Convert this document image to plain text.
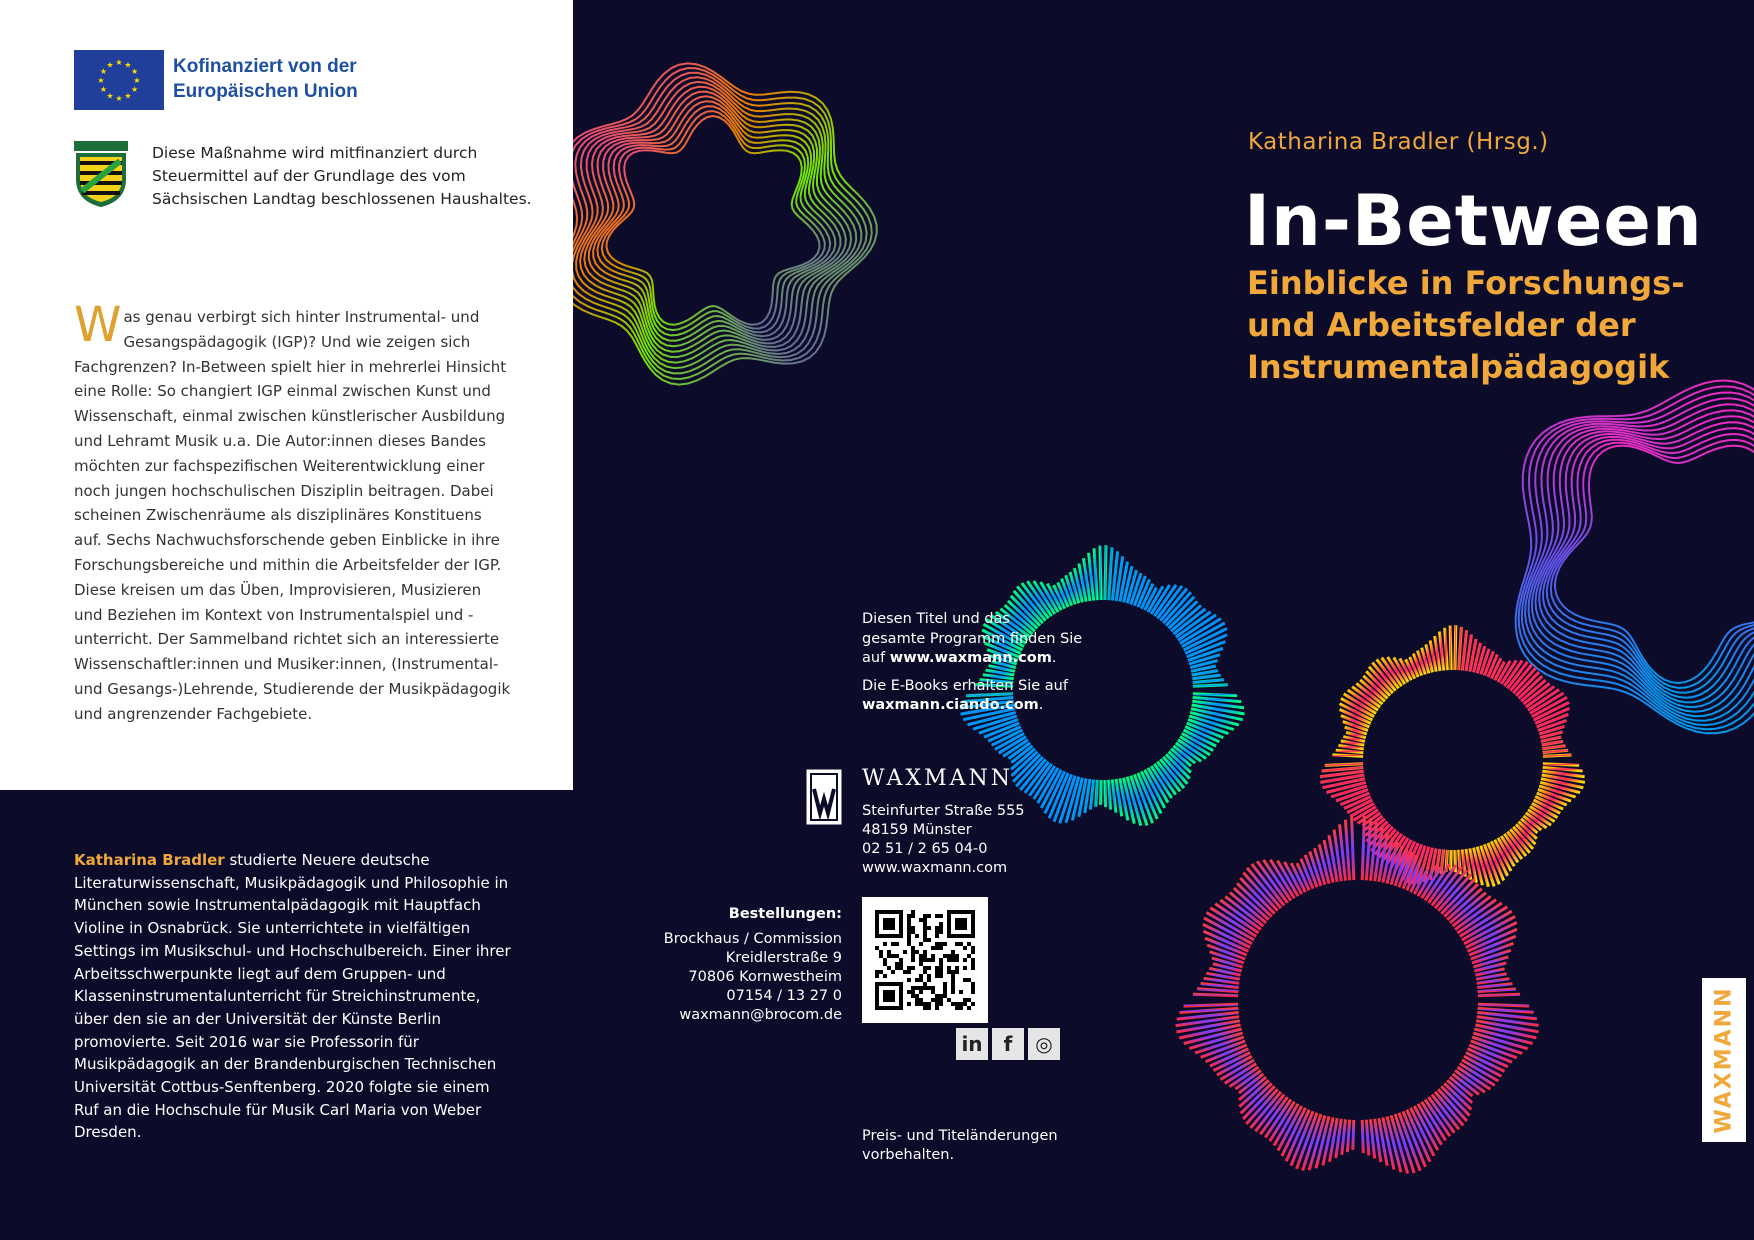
★
★
★
★
★
★
★
★
★ ★ ★
★ Kofinanziert von der
Europäischen Union
Diese Maßnahme wird mitfinanziert durch
Steuermittel auf der Grundlage des vom
Sächsischen Landtag beschlossenen Haushaltes.
Was genau verbirgt sich hinter Instrumental- und Gesangspädagogik (IGP)? Und wie zeigen sich Fachgrenzen? In-Between spielt hier in mehrerlei Hinsicht eine Rolle: So changiert IGP einmal zwischen Kunst und Wissenschaft, einmal zwischen künstlerischer Ausbildung und Lehramt Musik u.a. Die Autor:innen dieses Bandes möchten zur fachspezifischen Weiterentwicklung einer noch jungen hochschulischen Disziplin beitragen. Dabei scheinen Zwischenräume als disziplinäres Konstituens auf. Sechs Nachwuchsforschende geben Einblicke in ihre Forschungsbereiche und mithin die Arbeitsfelder der IGP. Diese kreisen um das Üben, Improvisieren, Musizieren und Beziehen im Kontext von Instrumentalspiel und -unterricht. Der Sammelband richtet sich an interessierte Wissenschaftler:innen und Musiker:innen, (Instrumental- und Gesangs-)Lehrende, Studierende der Musikpädagogik und angrenzender Fachgebiete.
Katharina Bradler studierte Neuere deutsche Literaturwissenschaft, Musikpädagogik und Philosophie in München sowie Instrumentalpädagogik mit Hauptfach Violine in Osnabrück. Sie unterrichtete in vielfältigen Settings im Musikschul- und Hochschulbereich. Einer ihrer Arbeitsschwerpunkte liegt auf dem Gruppen- und Klasseninstrumentalunterricht für Streichinstrumente, über den sie an der Universität der Künste Berlin promovierte. Seit 2016 war sie Professorin für Musikpädagogik an der Brandenburgischen Technischen Universität Cottbus-Senftenberg. 2020 folgte sie einem Ruf an die Hochschule für Musik Carl Maria von Weber Dresden.
Katharina Bradler (Hrsg.)
In-Between
Einblicke in Forschungs-
und Arbeitsfelder der
Instrumentalpädagogik

Diesen Titel und das
gesamte Programm finden Sie
auf www.waxmann.com.

Die E-Books erhalten Sie auf
waxmann.ciando.com.

WAXMANN
Steinfurter Straße 555
48159 Münster
02 51 / 2 65 04-0
www.waxmann.com
Bestellungen:
Brockhaus / Commission
Kreidlerstraße 9
70806 Kornwestheim
07154 / 13 27 0
waxmann@brocom.de
in	f	◎
Preis- und Titeländerungen
vorbehalten.
WAXMANN
